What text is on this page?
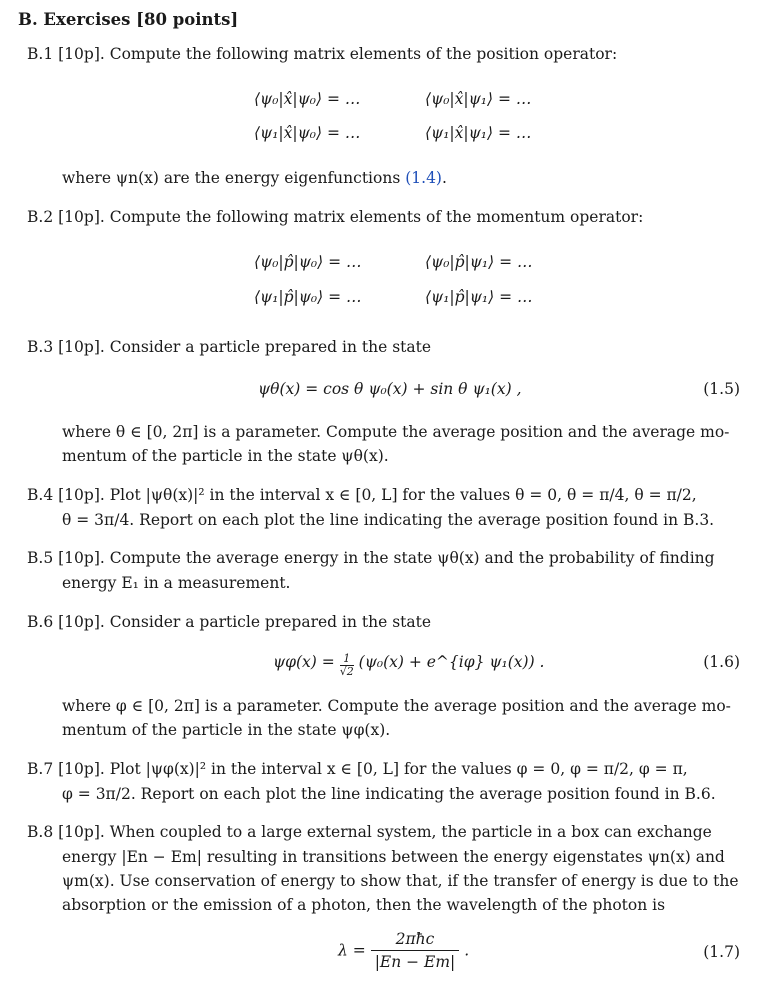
B. Exercises [80 points]
B.1 [10p]. Compute the following matrix elements of the position operator:
⟨ψ₀|x̂|ψ₀⟩ = …	⟨ψ₀|x̂|ψ₁⟩ = …
⟨ψ₁|x̂|ψ₀⟩ = …	⟨ψ₁|x̂|ψ₁⟩ = …
where ψn(x) are the energy eigenfunctions (1.4).
B.2 [10p]. Compute the following matrix elements of the momentum operator:
⟨ψ₀|p̂|ψ₀⟩ = …	⟨ψ₀|p̂|ψ₁⟩ = …
⟨ψ₁|p̂|ψ₀⟩ = …	⟨ψ₁|p̂|ψ₁⟩ = …
B.3 [10p]. Consider a particle prepared in the state
ψθ(x) = cos θ ψ₀(x) + sin θ ψ₁(x) ,	(1.5)
where θ ∈ [0, 2π] is a parameter. Compute the average position and the average mo-
mentum of the particle in the state ψθ(x).
B.4 [10p]. Plot |ψθ(x)|² in the interval x ∈ [0, L] for the values θ = 0, θ = π/4, θ = π/2,
θ = 3π/4. Report on each plot the line indicating the average position found in B.3.
B.5 [10p]. Compute the average energy in the state ψθ(x) and the probability of finding
energy E₁ in a measurement.
B.6 [10p]. Consider a particle prepared in the state
$\psi\varphi(x) = \frac{1}{√2} (\psi_0(x)$ + e^{iφ} ψ₁(x)) .	(1.6)
where φ ∈ [0, 2π] is a parameter. Compute the average position and the average mo-
mentum of the particle in the state ψφ(x).
B.7 [10p]. Plot |ψφ(x)|² in the interval x ∈ [0, L] for the values φ = 0, φ = π/2, φ = π,
φ = 3π/2. Report on each plot the line indicating the average position found in B.6.
B.8 [10p]. When coupled to a large external system, the particle in a box can exchange
energy |En − Em| resulting in transitions between the energy eigenstates ψn(x) and
ψm(x). Use conservation of energy to show that, if the transfer of energy is due to the
absorption or the emission of a photon, then the wavelength of the photon is
$\lambda = \frac{\text{2πħc}}{|En - Em|}$ .	(1.7)
